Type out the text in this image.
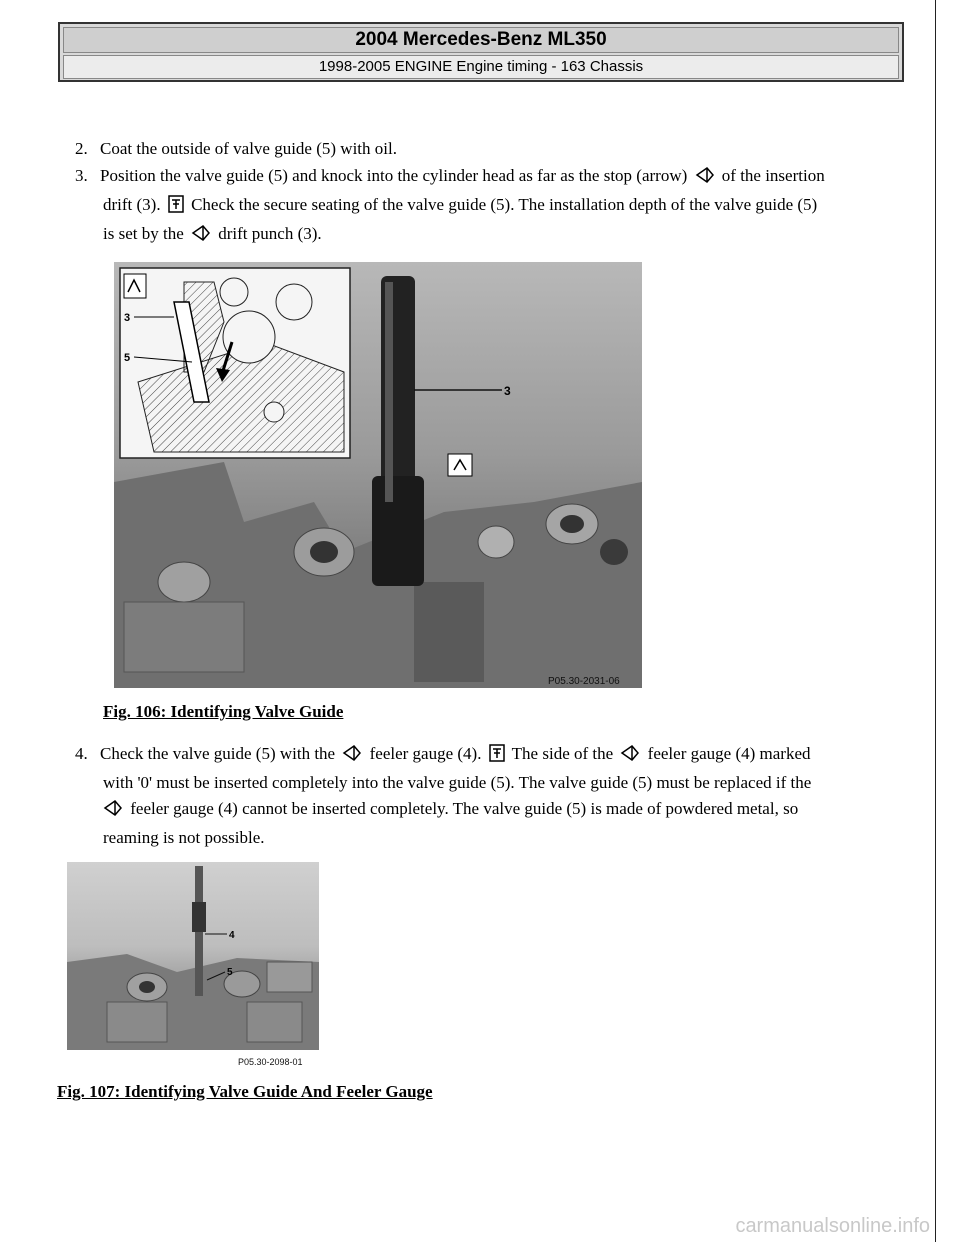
2004 Mercedes-Benz ML350
1998-2005 ENGINE Engine timing - 163 Chassis
2. Coat the outside of valve guide (5) with oil.
3. Position the valve guide (5) and knock into the cylinder head as far as the stop (arrow) of the insertion
drift (3). Check the secure seating of the valve guide (5). The installation depth of the valve guide (5)
is set by the drift punch (3).
3
3
5
P05.30-2031-06
Fig. 106: Identifying Valve Guide
4. Check the valve guide (5) with the feeler gauge (4). The side of the feeler gauge (4) marked
with '0' must be inserted completely into the valve guide (5). The valve guide (5) must be replaced if the
feeler gauge (4) cannot be inserted completely. The valve guide (5) is made of powdered metal, so
reaming is not possible.
4
5
P05.30-2098-01
Fig. 107: Identifying Valve Guide And Feeler Gauge
carmanualsonline.info
